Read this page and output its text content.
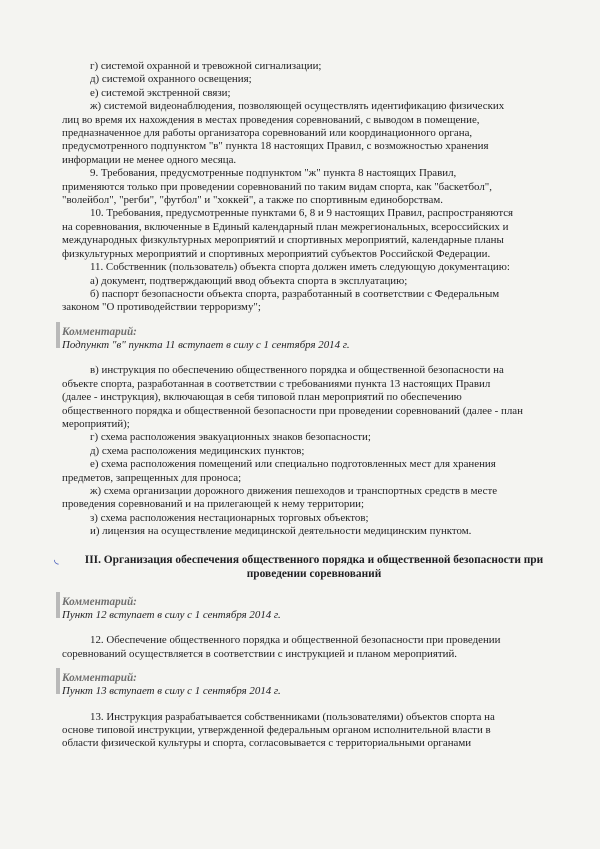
г) системой охранной и тревожной сигнализации;
д) системой охранного освещения;
е) системой экстренной связи;
ж) системой видеонаблюдения, позволяющей осуществлять идентификацию физических
лиц во время их нахождения в местах проведения соревнований, с выводом в помещение,
предназначенное для работы организатора соревнований или координационного органа,
предусмотренного подпунктом "в" пункта 18 настоящих Правил, с возможностью хранения
информации не менее одного месяца.
9. Требования, предусмотренные подпунктом "ж" пункта 8 настоящих Правил,
применяются только при проведении соревнований по таким видам спорта, как "баскетбол",
"волейбол", "регби", "футбол" и "хоккей", а также по спортивным единоборствам.
10. Требования, предусмотренные пунктами 6, 8 и 9 настоящих Правил, распространяются
на соревнования, включенные в Единый календарный план межрегиональных, всероссийских и
международных физкультурных мероприятий и спортивных мероприятий, календарные планы
физкультурных мероприятий и спортивных мероприятий субъектов Российской Федерации.
11. Собственник (пользователь) объекта спорта должен иметь следующую документацию:
а) документ, подтверждающий ввод объекта спорта в эксплуатацию;
б) паспорт безопасности объекта спорта, разработанный в соответствии с Федеральным
законом "О противодействии терроризму";
Комментарий:
Подпункт "в" пункта 11 вступает в силу с 1 сентября 2014 г.
в) инструкция по обеспечению общественного порядка и общественной безопасности на
объекте спорта, разработанная в соответствии с требованиями пункта 13 настоящих Правил
(далее - инструкция), включающая в себя типовой план мероприятий по обеспечению
общественного порядка и общественной безопасности при проведении соревнований (далее - план
мероприятий);
г) схема расположения эвакуационных знаков безопасности;
д) схема расположения медицинских пунктов;
е) схема расположения помещений или специально подготовленных мест для хранения
предметов, запрещенных для проноса;
ж) схема организации дорожного движения пешеходов и транспортных средств в месте
проведения соревнований и на прилегающей к нему территории;
з) схема расположения нестационарных торговых объектов;
и) лицензия на осуществление медицинской деятельности медицинским пунктом.
◟	III. Организация обеспечения общественного порядка и общественной безопасности при
проведении соревнований
Комментарий:
Пункт 12 вступает в силу с 1 сентября 2014 г.
12. Обеспечение общественного порядка и общественной безопасности при проведении
соревнований осуществляется в соответствии с инструкцией и планом мероприятий.
Комментарий:
Пункт 13 вступает в силу с 1 сентября 2014 г.
13. Инструкция разрабатывается собственниками (пользователями) объектов спорта на
основе типовой инструкции, утвержденной федеральным органом исполнительной власти в
области физической культуры и спорта, согласовывается с территориальными органами
